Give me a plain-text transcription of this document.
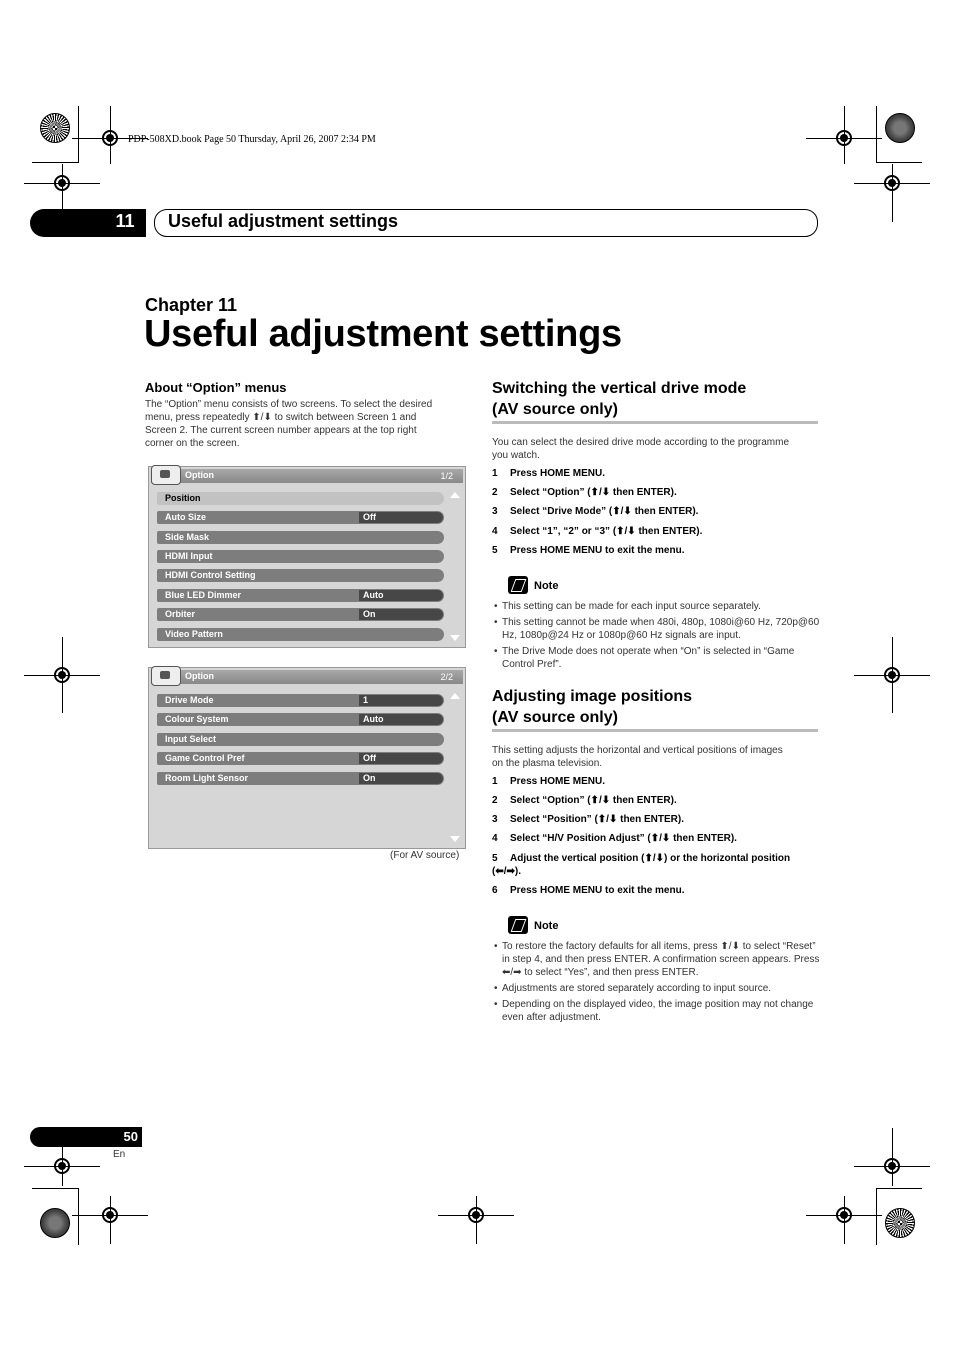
PDP-508XD.book Page 50 Thursday, April 26, 2007 2:34 PM
11	Useful adjustment settings
Chapter 11
Useful adjustment settings
About “Option” menus
The “Option” menu consists of two screens. To select the desired
menu, press repeatedly ⬆/⬇ to switch between Screen 1 and
Screen 2. The current screen number appears at the top right
corner on the screen.
Option	1/2
Position
Auto Size	Off
Side Mask
HDMI Input
HDMI Control Setting
Blue LED Dimmer	Auto
Orbiter	On
Video Pattern
Option	2/2
Drive Mode	1
Colour System	Auto
Input Select
Game Control Pref	Off
Room Light Sensor	On
(For AV source)
Switching the vertical drive mode
(AV source only)
You can select the desired drive mode according to the programme
you watch.
1 Press HOME MENU.
2 Select “Option” (⬆/⬇ then ENTER).
3 Select “Drive Mode” (⬆/⬇ then ENTER).
4 Select “1”, “2” or “3” (⬆/⬇ then ENTER).
5 Press HOME MENU to exit the menu.
Note
• This setting can be made for each input source separately.
• This setting cannot be made when 480i, 480p, 1080i@60 Hz, 720p@60 Hz, 1080p@24 Hz or 1080p@60 Hz signals are input.
• The Drive Mode does not operate when “On” is selected in “Game Control Pref”.
Adjusting image positions
(AV source only)
This setting adjusts the horizontal and vertical positions of images
on the plasma television.
1 Press HOME MENU.
2 Select “Option” (⬆/⬇ then ENTER).
3 Select “Position” (⬆/⬇ then ENTER).
4 Select “H/V Position Adjust” (⬆/⬇ then ENTER).
5 Adjust the vertical position (⬆/⬇) or the horizontal position
(⬅/➡).
6 Press HOME MENU to exit the menu.
Note
• To restore the factory defaults for all items, press ⬆/⬇ to select “Reset” in step 4, and then press ENTER. A confirmation screen appears. Press ⬅/➡ to select “Yes”, and then press ENTER.
• Adjustments are stored separately according to input source.
• Depending on the displayed video, the image position may not change even after adjustment.
50
En
